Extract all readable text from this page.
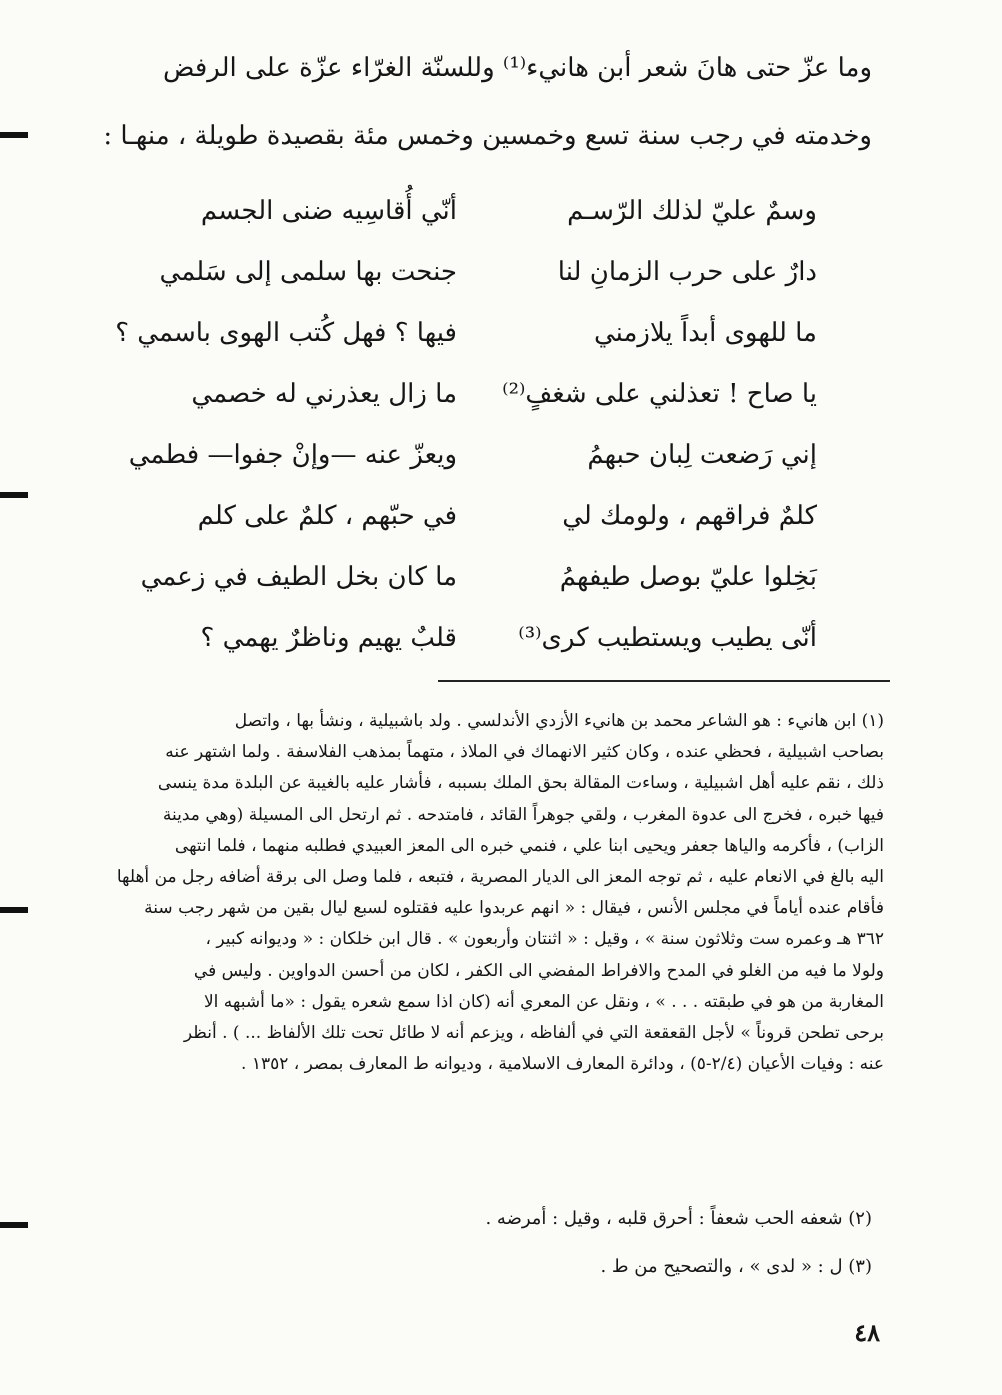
وما عزّ حتى هانَ شعر أبن هانيء⁽¹⁾ وللسنّة الغرّاء عزّة على الرفض
وخدمته في رجب سنة تسع وخمسين وخمس مئة بقصيدة طويلة ، منهـا :
وسمٌ عليّ لذلك الرّسـم
أنّي أُقاسِيه ضنى الجسم
دارٌ على حرب الزمانِ لنا
جنحت بها سلمى إلى سَلمي
ما للهوى أبداً يلازمني
فيها ؟ فهل كُتب الهوى باسمي ؟
يا صاح ! تعذلني على شغفٍ⁽²⁾
ما زال يعذرني له خصمي
إني رَضعت لِبان حبهمُ
ويعزّ عنه —وإنْ جفوا— فطمي
كلمٌ فراقهم ، ولومك لي
في حبّهم ، كلمٌ على كلم
بَخِلوا عليّ بوصل طيفهمُ
ما كان بخل الطيف في زعمي
أنّى يطيب ويستطيب كرى⁽³⁾
قلبٌ يهيم وناظرٌ يهمي ؟
(١) ابن هانيء : هو الشاعر محمد بن هانيء الأزدي الأندلسي . ولد باشبيلية ، ونشأ بها ، واتصل
بصاحب اشبيلية ، فحظي عنده ، وكان كثير الانهماك في الملاذ ، متهماً بمذهب الفلاسفة . ولما اشتهر عنه
ذلك ، نقم عليه أهل اشبيلية ، وساءت المقالة بحق الملك بسببه ، فأشار عليه بالغيبة عن البلدة مدة ينسى
فيها خبره ، فخرج الى عدوة المغرب ، ولقي جوهراً القائد ، فامتدحه . ثم ارتحل الى المسيلة (وهي مدينة
الزاب) ، فأكرمه والياها جعفر ويحيى ابنا علي ، فنمي خبره الى المعز العبيدي فطلبه منهما ، فلما انتهى
اليه بالغ في الانعام عليه ، ثم توجه المعز الى الديار المصرية ، فتبعه ، فلما وصل الى برقة أضافه رجل من أهلها
فأقام عنده أياماً في مجلس الأنس ، فيقال : « انهم عربدوا عليه فقتلوه لسبع ليال بقين من شهر رجب سنة
٣٦٢ هـ وعمره ست وثلاثون سنة » ، وقيل : « اثنتان وأربعون » . قال ابن خلكان : « وديوانه كبير ،
ولولا ما فيه من الغلو في المدح والافراط المفضي الى الكفر ، لكان من أحسن الدواوين . وليس في
المغاربة من هو في طبقته . . . » ، ونقل عن المعري أنه (كان اذا سمع شعره يقول : «ما أشبهه الا
برحى تطحن قروناً » لأجل القعقعة التي في ألفاظه ، ويزعم أنه لا طائل تحت تلك الألفاظ ... ) . أنظر
عنه : وفيات الأعيان (٢/٤-٥) ، ودائرة المعارف الاسلامية ، وديوانه ط المعارف بمصر ، ١٣٥٢ .
(٢) شعفه الحب شعفاً : أحرق قلبه ، وقيل : أمرضه .
(٣) ل : « لدى » ، والتصحيح من ط .
٤٨
